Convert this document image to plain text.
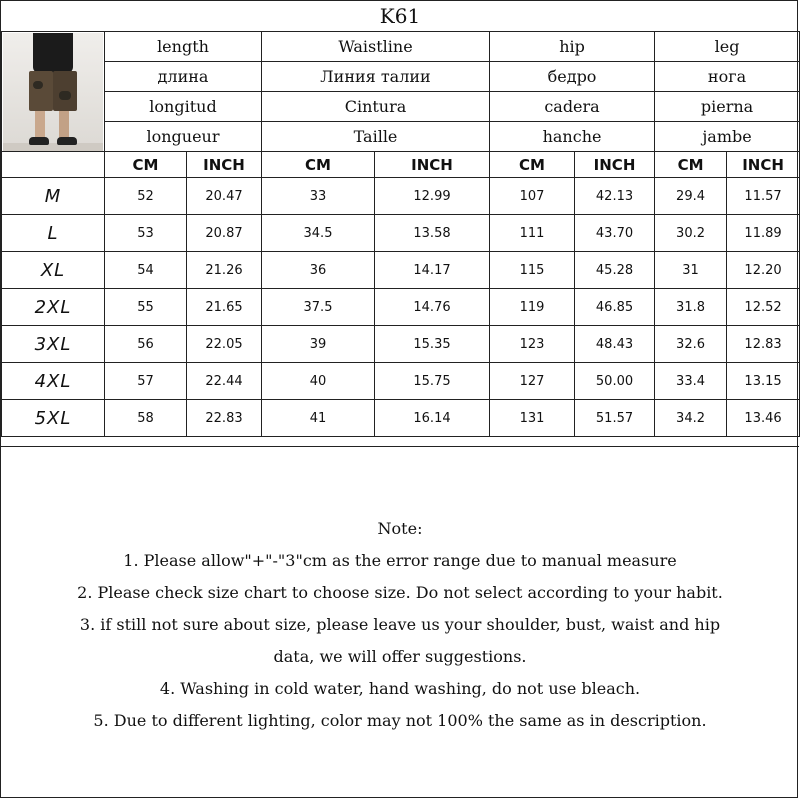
K61
	length		Waistline		hip		leg	
	длина		Линия талии		бедро		нога	
	longitud		Cintura		cadera		pierna	
	longueur		Taille		hanche		jambe	
	CM	INCH	CM	INCH	CM	INCH	CM	INCH
M	52	20.47	33	12.99	107	42.13	29.4	11.57
L	53	20.87	34.5	13.58	111	43.70	30.2	11.89
XL	54	21.26	36	14.17	115	45.28	31	12.20
2XL	55	21.65	37.5	14.76	119	46.85	31.8	12.52
3XL	56	22.05	39	15.35	123	48.43	32.6	12.83
4XL	57	22.44	40	15.75	127	50.00	33.4	13.15
5XL	58	22.83	41	16.14	131	51.57	34.2	13.46

Note:

1. Please allow"+"-"3"cm as the error range due to manual measure

2. Please check size chart to choose size. Do not select according to your habit.

3. if still not sure about size, please leave us your shoulder, bust, waist and hip

data, we will offer suggestions.

4. Washing in cold water, hand washing, do not use bleach.

5. Due to different lighting, color may not 100% the same as in description.
